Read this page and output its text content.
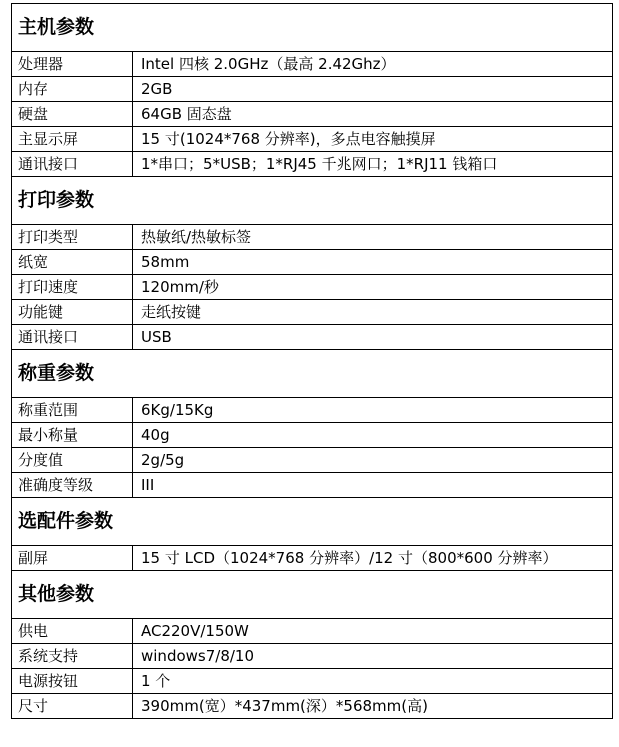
主机参数	
处理器	Intel 四核 2.0GHz（最高 2.42Ghz）
内存	2GB
硬盘	64GB 固态盘
主显示屏	15 寸(1024*768 分辨率)，多点电容触摸屏
通讯接口	1*串口；5*USB；1*RJ45 千兆网口；1*RJ11 钱箱口
打印参数	
打印类型	热敏纸/热敏标签
纸宽	58mm
打印速度	120mm/秒
功能键	走纸按键
通讯接口	USB
称重参数	
称重范围	6Kg/15Kg
最小称量	40g
分度值	2g/5g
准确度等级	III
选配件参数	
副屏	15 寸 LCD（1024*768 分辨率）/12 寸（800*600 分辨率）
其他参数	
供电	AC220V/150W
系统支持	windows7/8/10
电源按钮	1 个
尺寸	390mm(宽）*437mm(深）*568mm(高)
